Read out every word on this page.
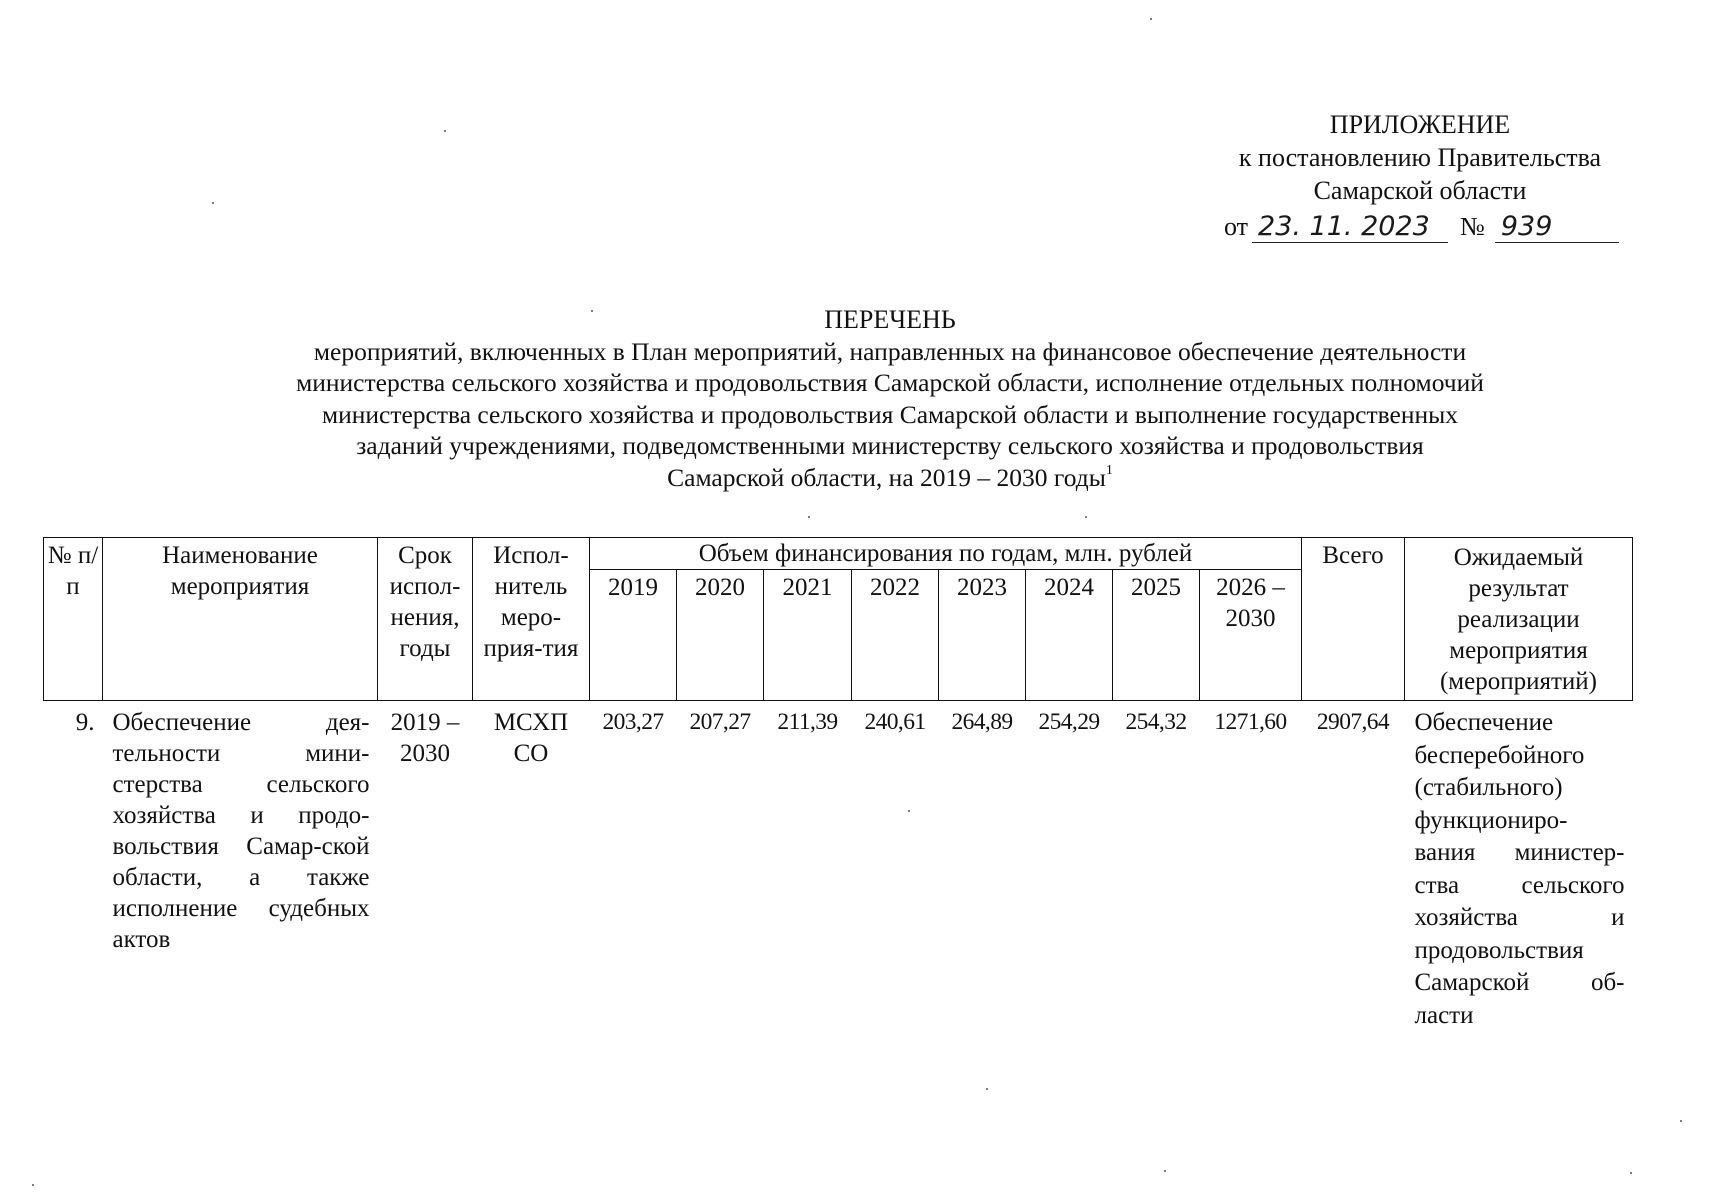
ПРИЛОЖЕНИЕ
к постановлению Правительства
Самарской области
от 23. 11. 2023	№ 939
ПЕРЕЧЕНЬ
мероприятий, включенных в План мероприятий, направленных на финансовое обеспечение деятельности
министерства сельского хозяйства и продовольствия Самарской области, исполнение отдельных полномочий
министерства сельского хозяйства и продовольствия Самарской области и выполнение государственных
заданий учреждениями, подведомственными министерству сельского хозяйства и продовольствия
Самарской области, на 2019 – 2030 годы$^1$
№ п/п	Наименование мероприятия	Срок испол-нения, годы	Испол-нитель меро-прия-тия	Объем финансирования по годам, млн. рублей								Всего	Ожидаемый результат реализации мероприятия (мероприятий)
				2019	2020	2021	2022	2023	2024	2025	2026 – 2030		
9.	Обеспечение дея-тельности мини-стерства сельского хозяйства и продо-вольствия Самар-ской области, а также исполнение судебных актов	2019 – 2030	МСХП СО	203,27	207,27	211,39	240,61	264,89	254,29	254,32	1271,60	2907,64	Обеспечение бесперебойного (стабильного) функциониро-вания министер-ства сельского хозяйства и продовольствия Самарской об-ласти
